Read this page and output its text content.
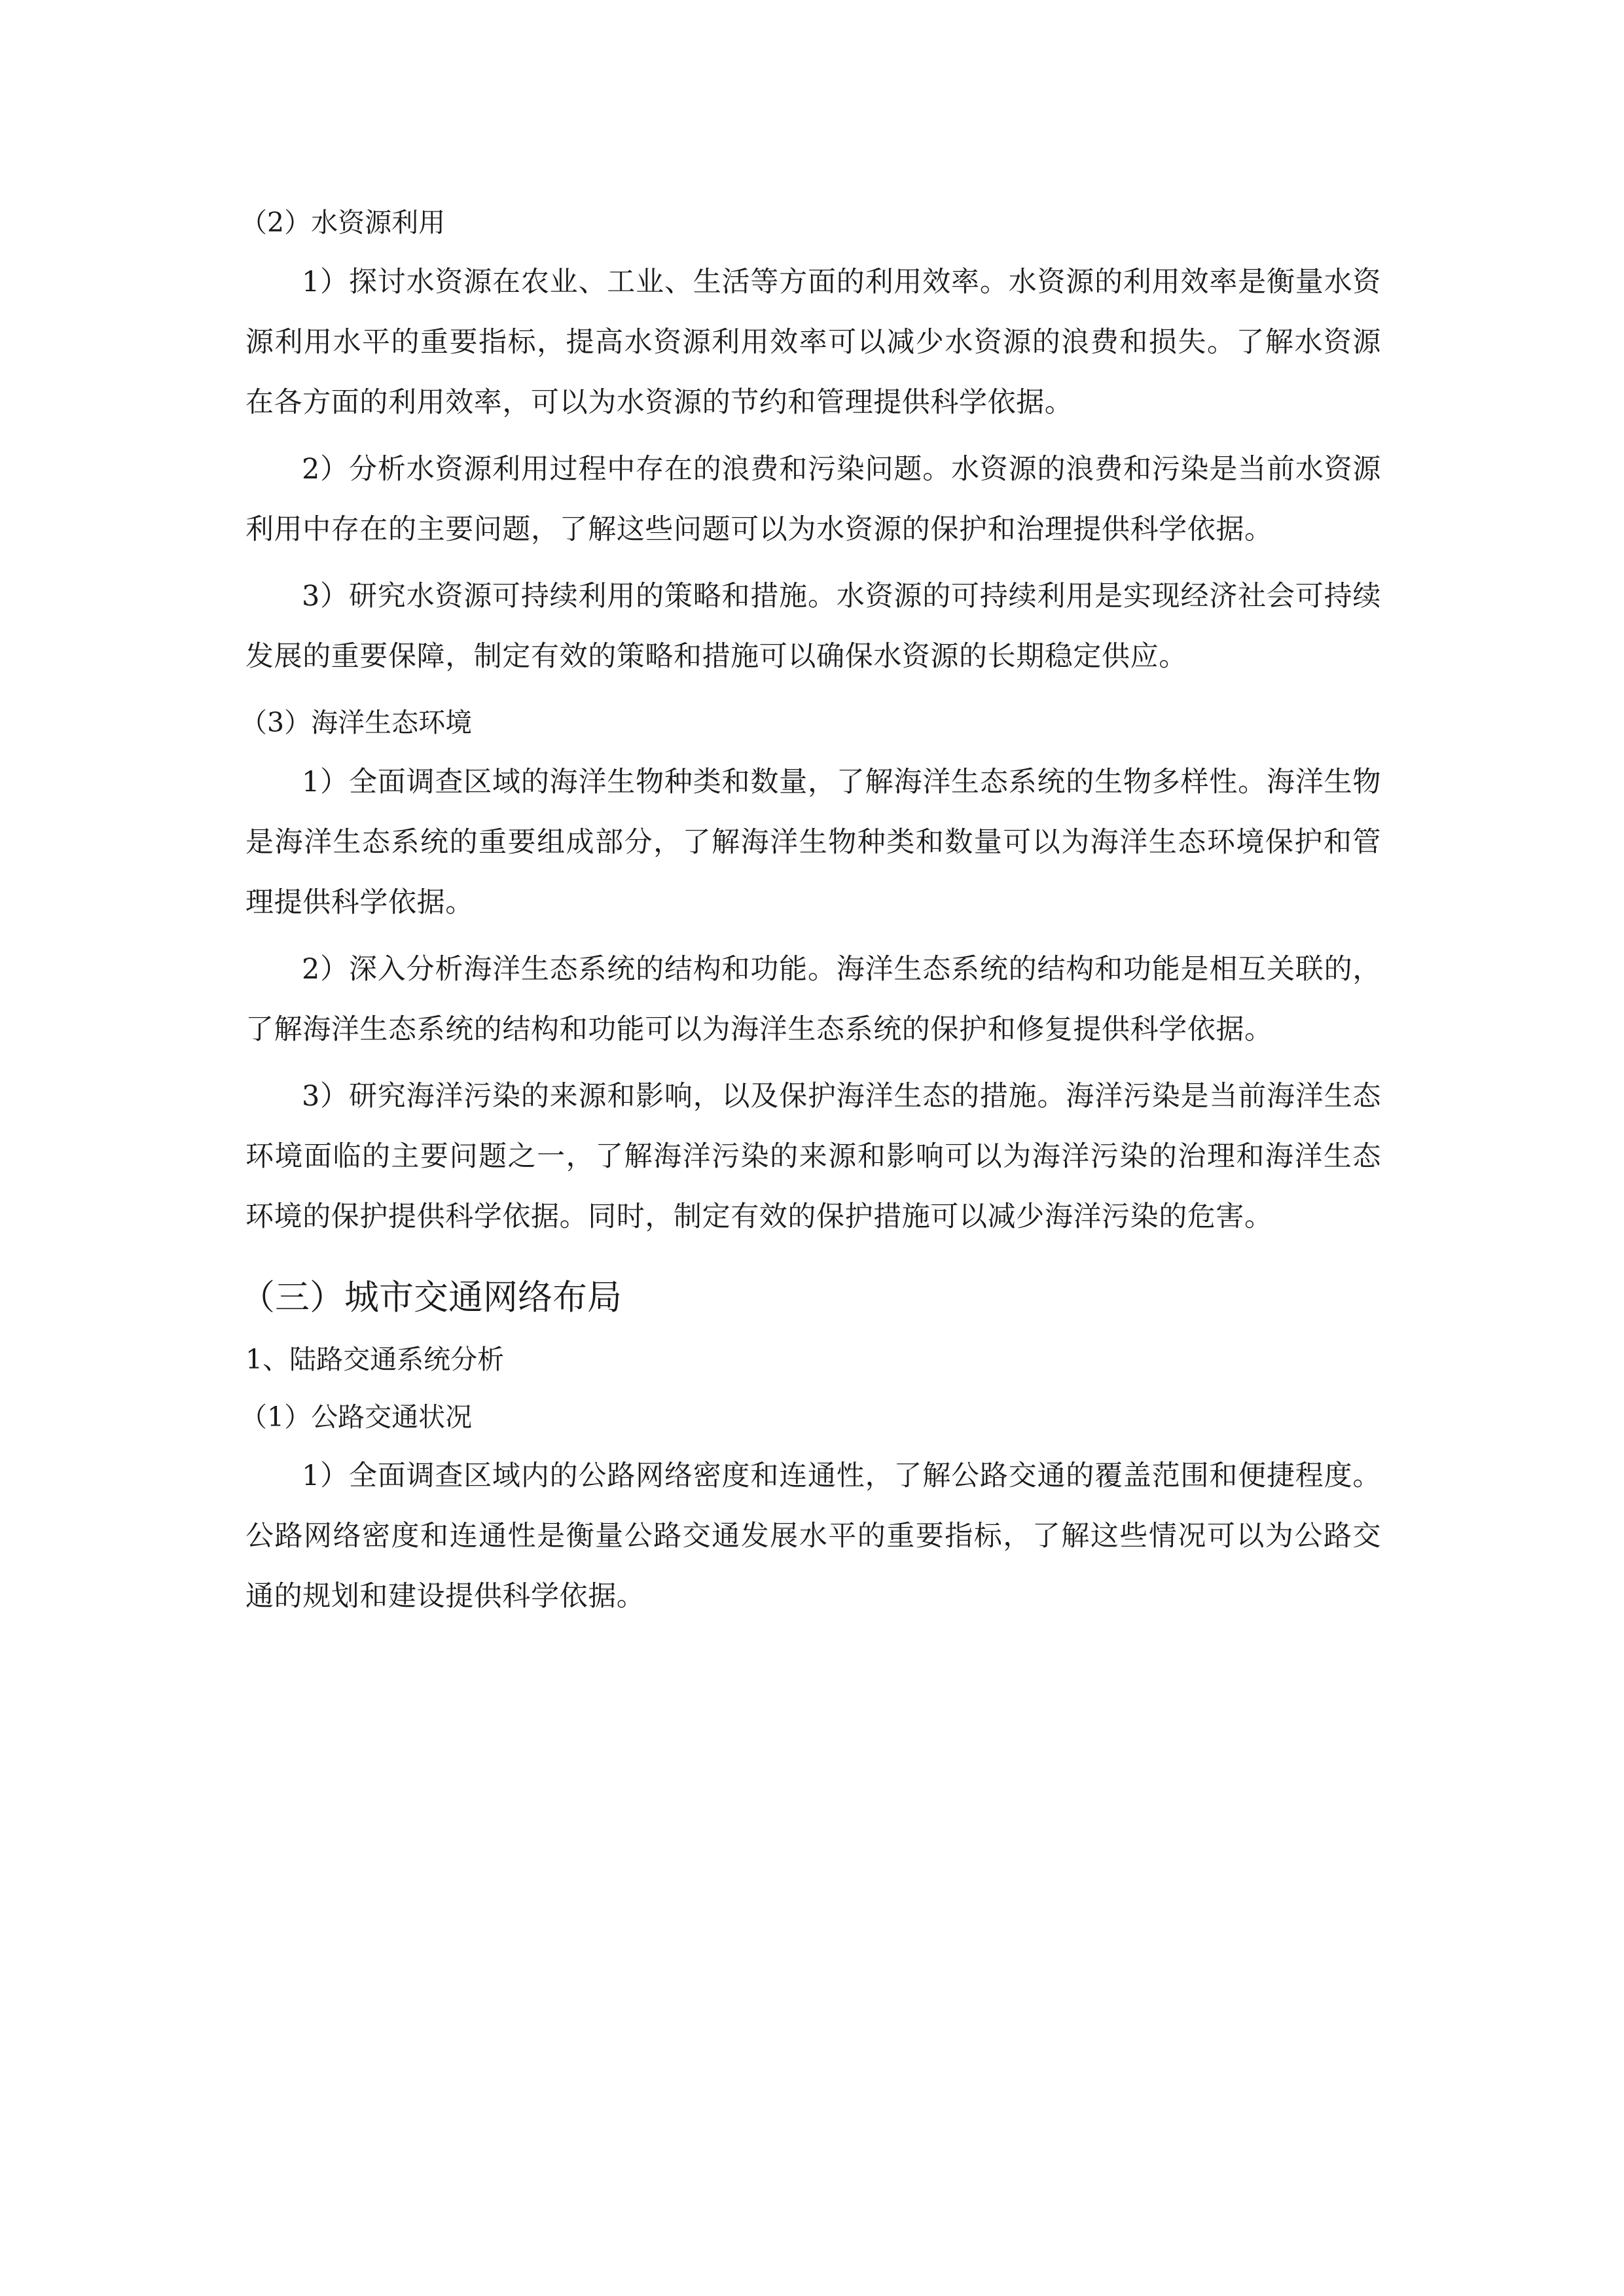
（2）水资源利用

1）探讨水资源在农业、工业、生活等方面的利用效率。水资源的利用效率是衡量水资源利用水平的重要指标，提高水资源利用效率可以减少水资源的浪费和损失。了解水资源在各方面的利用效率，可以为水资源的节约和管理提供科学依据。

2）分析水资源利用过程中存在的浪费和污染问题。水资源的浪费和污染是当前水资源利用中存在的主要问题，了解这些问题可以为水资源的保护和治理提供科学依据。

3）研究水资源可持续利用的策略和措施。水资源的可持续利用是实现经济社会可持续发展的重要保障，制定有效的策略和措施可以确保水资源的长期稳定供应。

（3）海洋生态环境

1）全面调查区域的海洋生物种类和数量，了解海洋生态系统的生物多样性。海洋生物是海洋生态系统的重要组成部分，了解海洋生物种类和数量可以为海洋生态环境保护和管理提供科学依据。

2）深入分析海洋生态系统的结构和功能。海洋生态系统的结构和功能是相互关联的，了解海洋生态系统的结构和功能可以为海洋生态系统的保护和修复提供科学依据。

3）研究海洋污染的来源和影响，以及保护海洋生态的措施。海洋污染是当前海洋生态环境面临的主要问题之一，了解海洋污染的来源和影响可以为海洋污染的治理和海洋生态环境的保护提供科学依据。同时，制定有效的保护措施可以减少海洋污染的危害。

（三）城市交通网络布局
1、陆路交通系统分析
（1）公路交通状况

1）全面调查区域内的公路网络密度和连通性，了解公路交通的覆盖范围和便捷程度。公路网络密度和连通性是衡量公路交通发展水平的重要指标，了解这些情况可以为公路交通的规划和建设提供科学依据。
